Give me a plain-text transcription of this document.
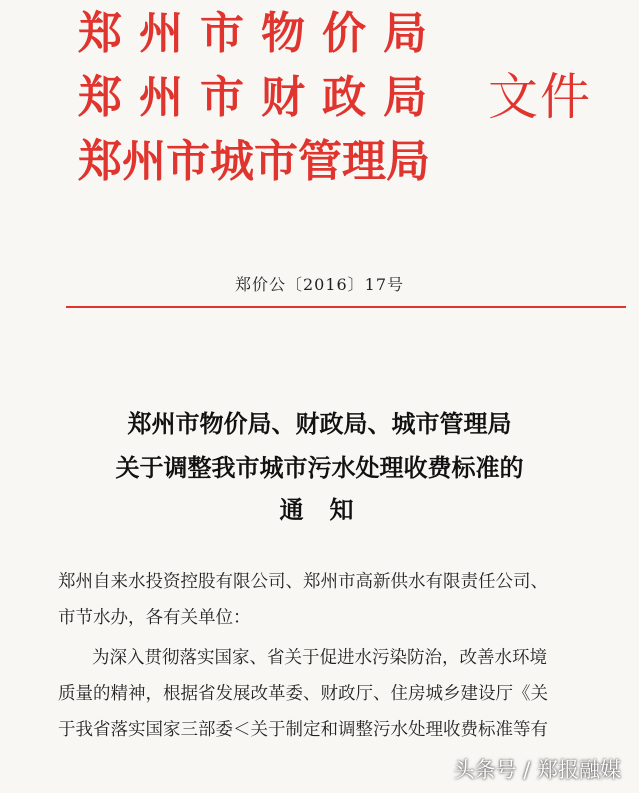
郑州市物价局
郑州市财政局
郑州市城市管理局
文件
郑价公〔2016〕17号
郑州市物价局、财政局、城市管理局
关于调整我市城市污水处理收费标准的
通知
郑州自来水投资控股有限公司、郑州市高新供水有限责任公司、
市节水办，各有关单位：
为深入贯彻落实国家、省关于促进水污染防治，改善水环境
质量的精神，根据省发展改革委、财政厅、住房城乡建设厅《关
于我省落实国家三部委＜关于制定和调整污水处理收费标准等有
头条号 / 郑报融媒
